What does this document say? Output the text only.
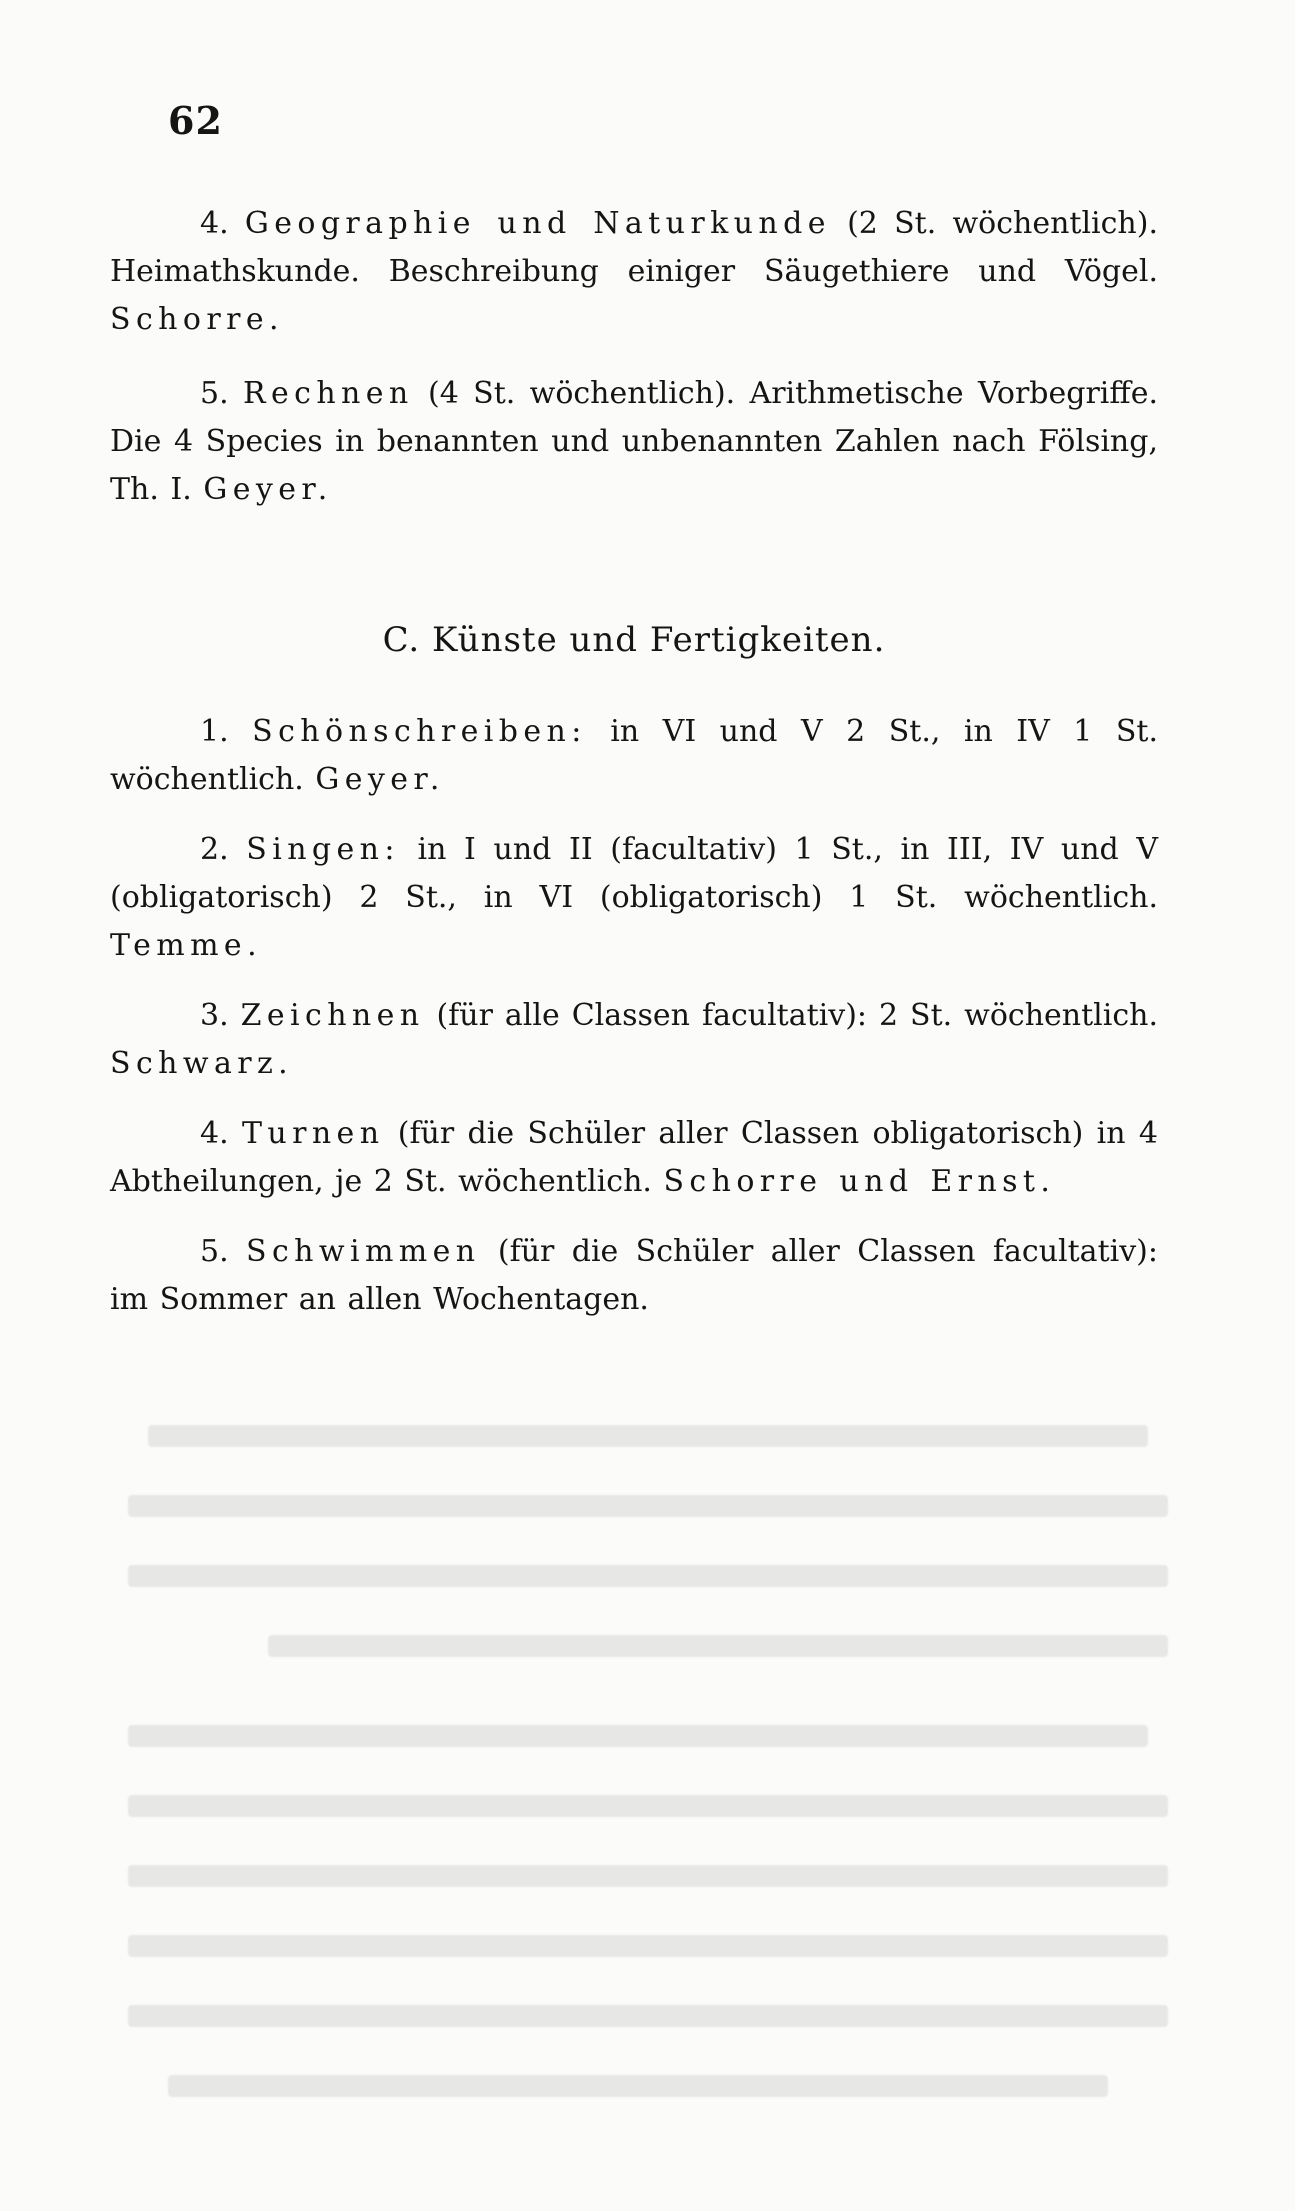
62

4. Geographie und Naturkunde (2 St. wöchentlich). Heimathskunde. Beschreibung einiger Säugethiere und Vögel. Schorre.

5. Rechnen (4 St. wöchentlich). Arithmetische Vorbegriffe. Die 4 Species in benannten und unbenannten Zahlen nach Fölsing, Th. I. Geyer.

C. Künste und Fertigkeiten.

1. Schönschreiben: in VI und V 2 St., in IV 1 St. wöchentlich. Geyer.

2. Singen: in I und II (facultativ) 1 St., in III, IV und V (obligatorisch) 2 St., in VI (obligatorisch) 1 St. wöchentlich. Temme.

3. Zeichnen (für alle Classen facultativ): 2 St. wöchentlich. Schwarz.

4. Turnen (für die Schüler aller Classen obligatorisch) in 4 Abtheilungen, je 2 St. wöchentlich. Schorre und Ernst.

5. Schwimmen (für die Schüler aller Classen facultativ): im Sommer an allen Wochentagen.
